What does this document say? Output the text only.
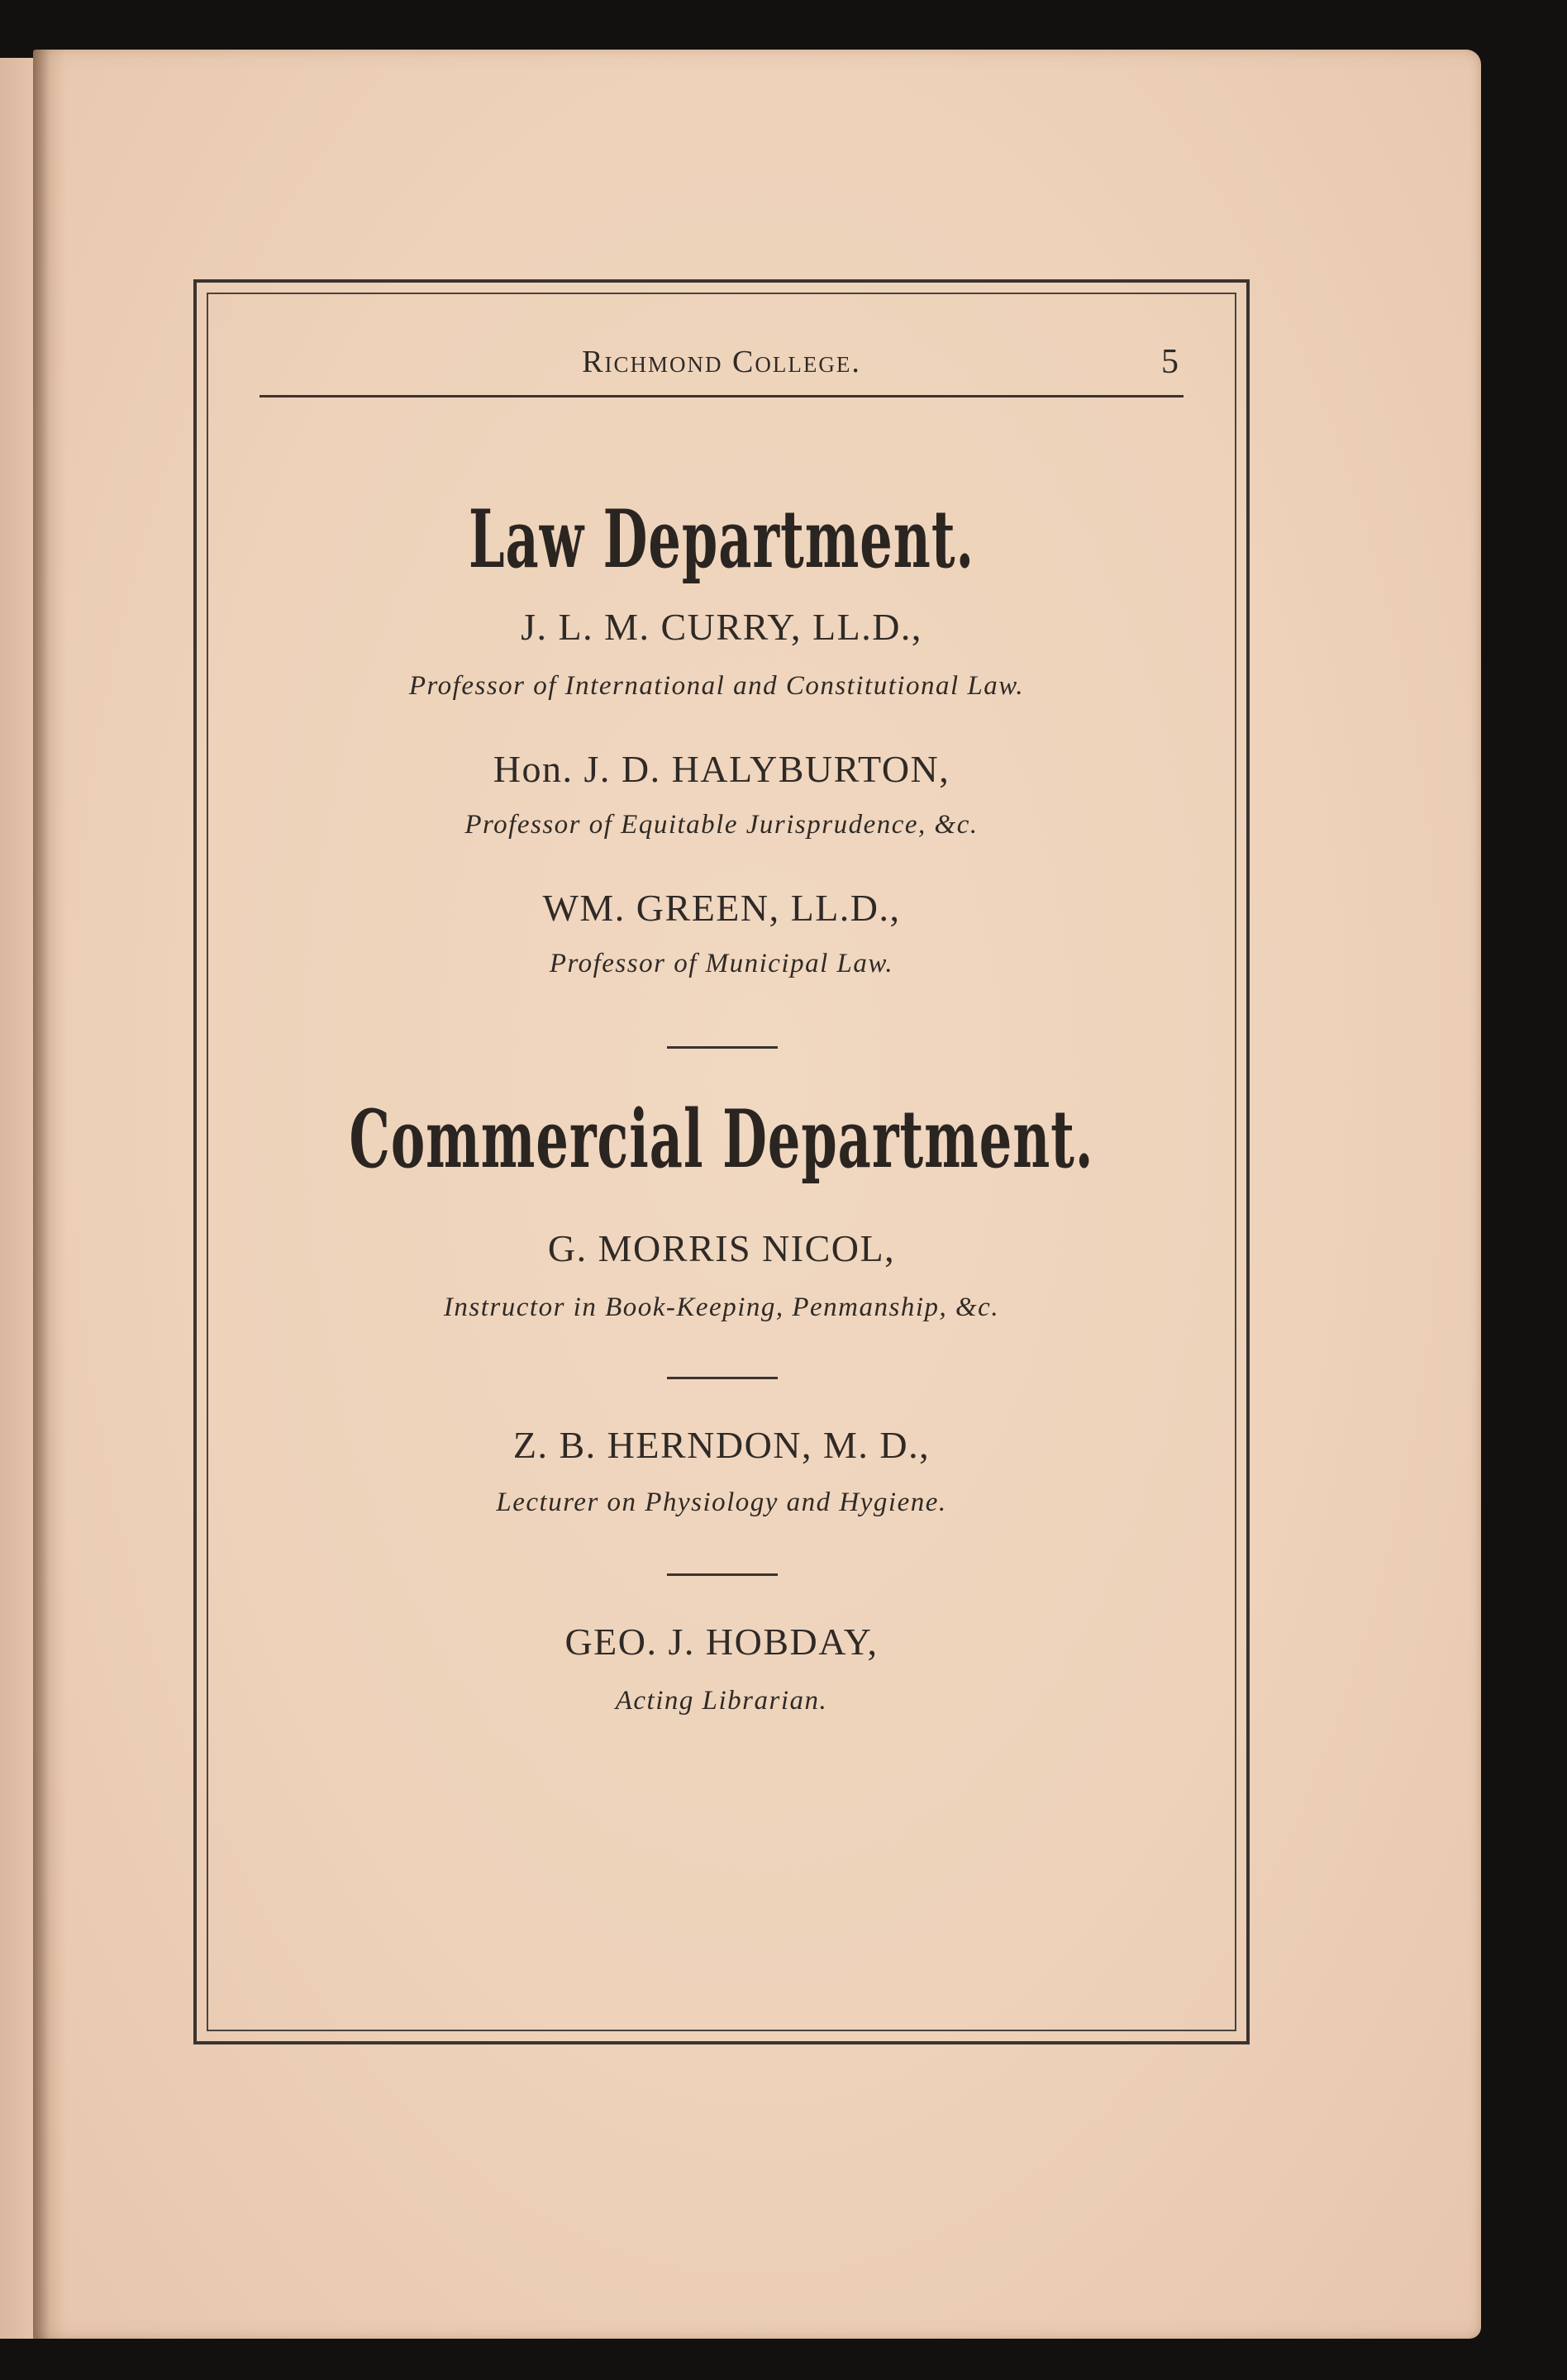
Richmond College.	5
Law Department.
J. L. M. CURRY, LL.D.,
Professor of International and Constitutional Law.
Hon. J. D. HALYBURTON,
Professor of Equitable Jurisprudence, &c.
WM. GREEN, LL.D.,
Professor of Municipal Law.
Commercial Department.
G. MORRIS NICOL,
Instructor in Book-Keeping, Penmanship, &c.
Z. B. HERNDON, M. D.,
Lecturer on Physiology and Hygiene.
GEO. J. HOBDAY,
Acting Librarian.
